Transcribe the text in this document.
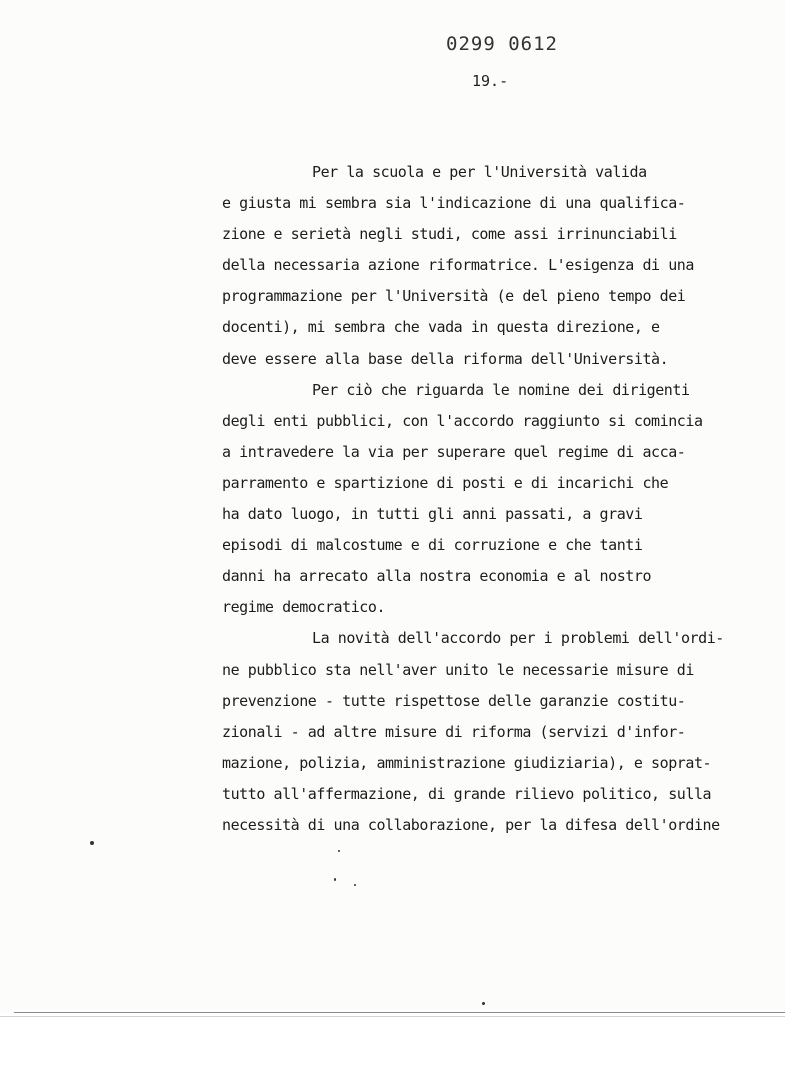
0299 0612
19.-
Per la scuola e per l'Università valida
e giusta mi sembra sia l'indicazione di una qualifica-
zione e serietà negli studi, come assi irrinunciabili
della necessaria azione riformatrice. L'esigenza di una
programmazione per l'Università (e del pieno tempo dei
docenti), mi sembra che vada in questa direzione, e
deve essere alla base della riforma dell'Università.
Per ciò che riguarda le nomine dei dirigenti
degli enti pubblici, con l'accordo raggiunto si comincia
a intravedere la via per superare quel regime di acca-
parramento e spartizione di posti e di incarichi che
ha dato luogo, in tutti gli anni passati, a gravi
episodi di malcostume e di corruzione e che tanti
danni ha arrecato alla nostra economia e al nostro
regime democratico.
La novità dell'accordo per i problemi dell'ordi-
ne pubblico sta nell'aver unito le necessarie misure di
prevenzione - tutte rispettose delle garanzie costitu-
zionali - ad altre misure di riforma (servizi d'infor-
mazione, polizia, amministrazione giudiziaria), e soprat-
tutto all'affermazione, di grande rilievo politico, sulla
necessità di una collaborazione, per la difesa dell'ordine
